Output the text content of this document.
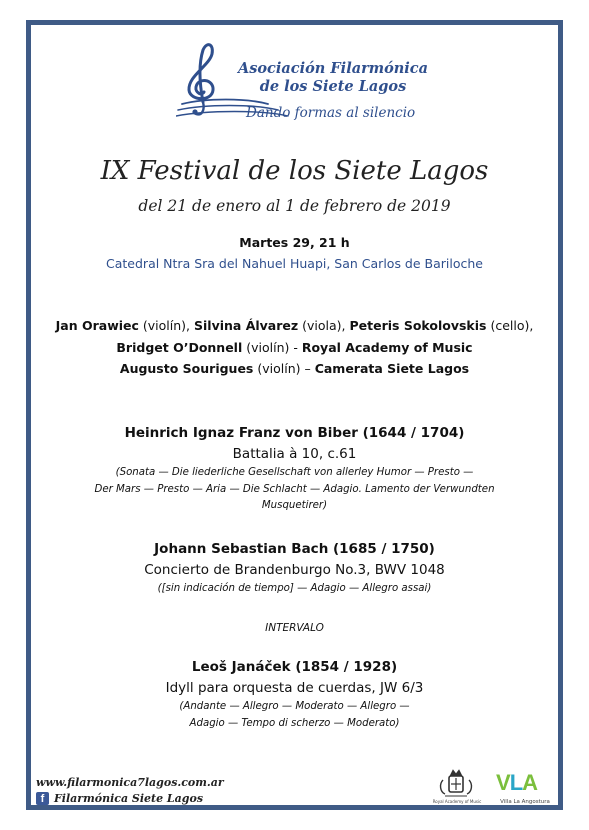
Asociación Filarmónica
de los Siete Lagos
Dando formas al silencio
IX Festival de los Siete Lagos
del 21 de enero al 1 de febrero de 2019
Martes 29, 21 h
Catedral Ntra Sra del Nahuel Huapi, San Carlos de Bariloche
Jan Orawiec (violín), Silvina Álvarez (viola), Peteris Sokolovskis (cello),
Bridget O’Donnell (violín) - Royal Academy of Music
Augusto Sourigues (violín) – Camerata Siete Lagos
Heinrich Ignaz Franz von Biber (1644 / 1704)
Battalia à 10, c.61
(Sonata — Die liederliche Gesellschaft von allerley Humor — Presto —
Der Mars — Presto — Aria — Die Schlacht — Adagio. Lamento der Verwundten
Musquetirer)
Johann Sebastian Bach (1685 / 1750)
Concierto de Brandenburgo No.3, BWV 1048
([sin indicación de tiempo] — Adagio — Allegro assai)
INTERVALO
Leoš Janáček (1854 / 1928)
Idyll para orquesta de cuerdas, JW 6/3
(Andante — Allegro — Moderato — Allegro —
Adagio — Tempo di scherzo — Moderato)
www.filarmonica7lagos.com.ar
f Filarmónica Siete Lagos	Royal Academy of Music
VLA
Villa La Angostura
